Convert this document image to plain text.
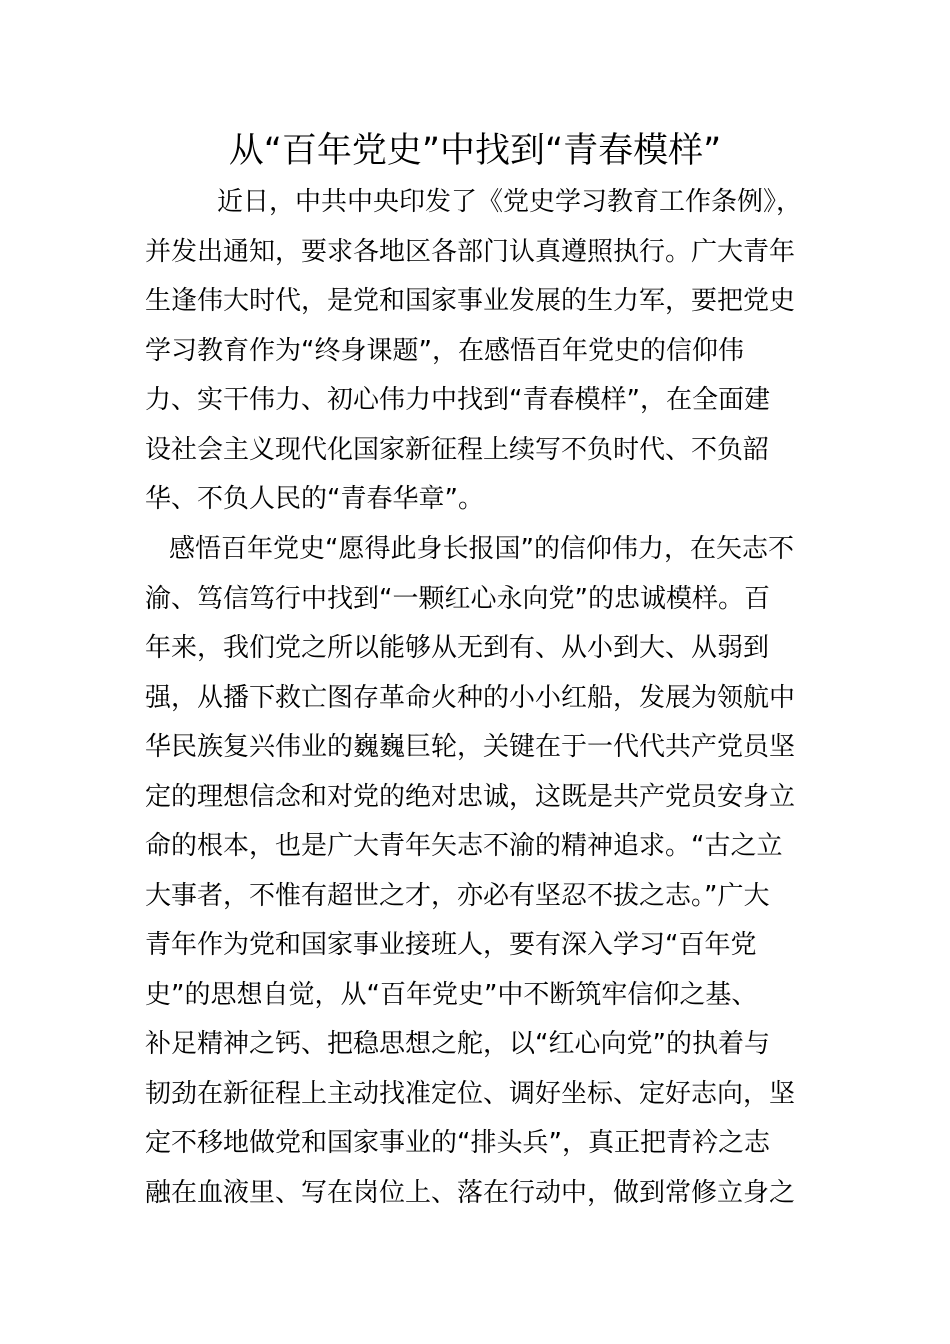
从“百年党史”中找到“青春模样”

近日，中共中央印发了《党史学习教育工作条例》，
并发出通知，要求各地区各部门认真遵照执行。广大青年
生逢伟大时代，是党和国家事业发展的生力军，要把党史
学习教育作为“终身课题”，在感悟百年党史的信仰伟
力、实干伟力、初心伟力中找到“青春模样”，在全面建
设社会主义现代化国家新征程上续写不负时代、不负韶
华、不负人民的“青春华章”。

感悟百年党史“愿得此身长报国”的信仰伟力，在矢志不
渝、笃信笃行中找到“一颗红心永向党”的忠诚模样。百
年来，我们党之所以能够从无到有、从小到大、从弱到
强，从播下救亡图存革命火种的小小红船，发展为领航中
华民族复兴伟业的巍巍巨轮，关键在于一代代共产党员坚
定的理想信念和对党的绝对忠诚，这既是共产党员安身立
命的根本，也是广大青年矢志不渝的精神追求。“古之立
大事者，不惟有超世之才，亦必有坚忍不拔之志。”广大
青年作为党和国家事业接班人，要有深入学习“百年党
史”的思想自觉，从“百年党史”中不断筑牢信仰之基、
补足精神之钙、把稳思想之舵，以“红心向党”的执着与
韧劲在新征程上主动找准定位、调好坐标、定好志向，坚
定不移地做党和国家事业的“排头兵”，真正把青衿之志
融在血液里、写在岗位上、落在行动中，做到常修立身之
